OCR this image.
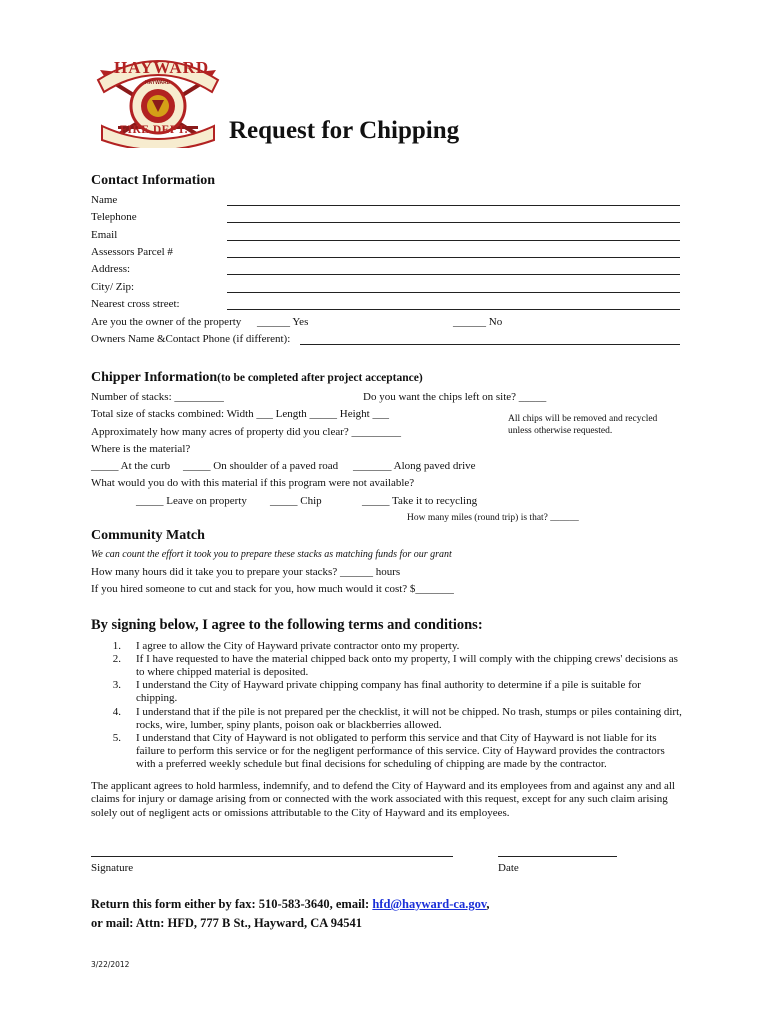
HAYWARD
FIRE DEPT.
HAYWARD
Request for Chipping
Contact Information
Name
Telephone
Email
Assessors Parcel #
Address:
City/ Zip:
Nearest cross street:
Are you the owner of the property ______ Yes	______ No
Owners Name &Contact Phone (if different):
Chipper Information(to be completed after project acceptance)
Number of stacks: _________	Do you want the chips left on site? _____
Total size of stacks combined: Width ___ Length _____ Height ___	All chips will be removed and recycled
unless otherwise requested.
Approximately how many acres of property did you clear? _________
Where is the material?
_____ At the curb _____ On shoulder of a paved road _______ Along paved drive
What would you do with this material if this program were not available?
_____ Leave on property _____ Chip	_____ Take it to recycling
How many miles (round trip) is that? ______
Community Match
We can count the effort it took you to prepare these stacks as matching funds for our grant
How many hours did it take you to prepare your stacks? ______ hours
If you hired someone to cut and stack for you, how much would it cost? $_______
By signing below, I agree to the following terms and conditions:
1. I agree to allow the City of Hayward private contractor onto my property.
2. If I have requested to have the material chipped back onto my property, I will comply with the chipping crews' decisions as to where chipped material is deposited.
3. I understand the City of Hayward private chipping company has final authority to determine if a pile is suitable for chipping.
4. I understand that if the pile is not prepared per the checklist, it will not be chipped. No trash, stumps or piles containing dirt, rocks, wire, lumber, spiny plants, poison oak or blackberries allowed.
5. I understand that City of Hayward is not obligated to perform this service and that City of Hayward is not liable for its failure to perform this service or for the negligent performance of this service. City of Hayward provides the contractors with a preferred weekly schedule but final decisions for scheduling of chipping are made by the contractor.
The applicant agrees to hold harmless, indemnify, and to defend the City of Hayward and its employees from and against any and all claims for injury or damage arising from or connected with the work associated with this request, except for any such claim arising solely out of negligent acts or omissions attributable to the City of Hayward and its employees.
Signature	Date
Return this form either by fax: 510-583-3640, email: hfd@hayward-ca.gov,
or mail: Attn: HFD, 777 B St., Hayward, CA 94541
3/22/2012
